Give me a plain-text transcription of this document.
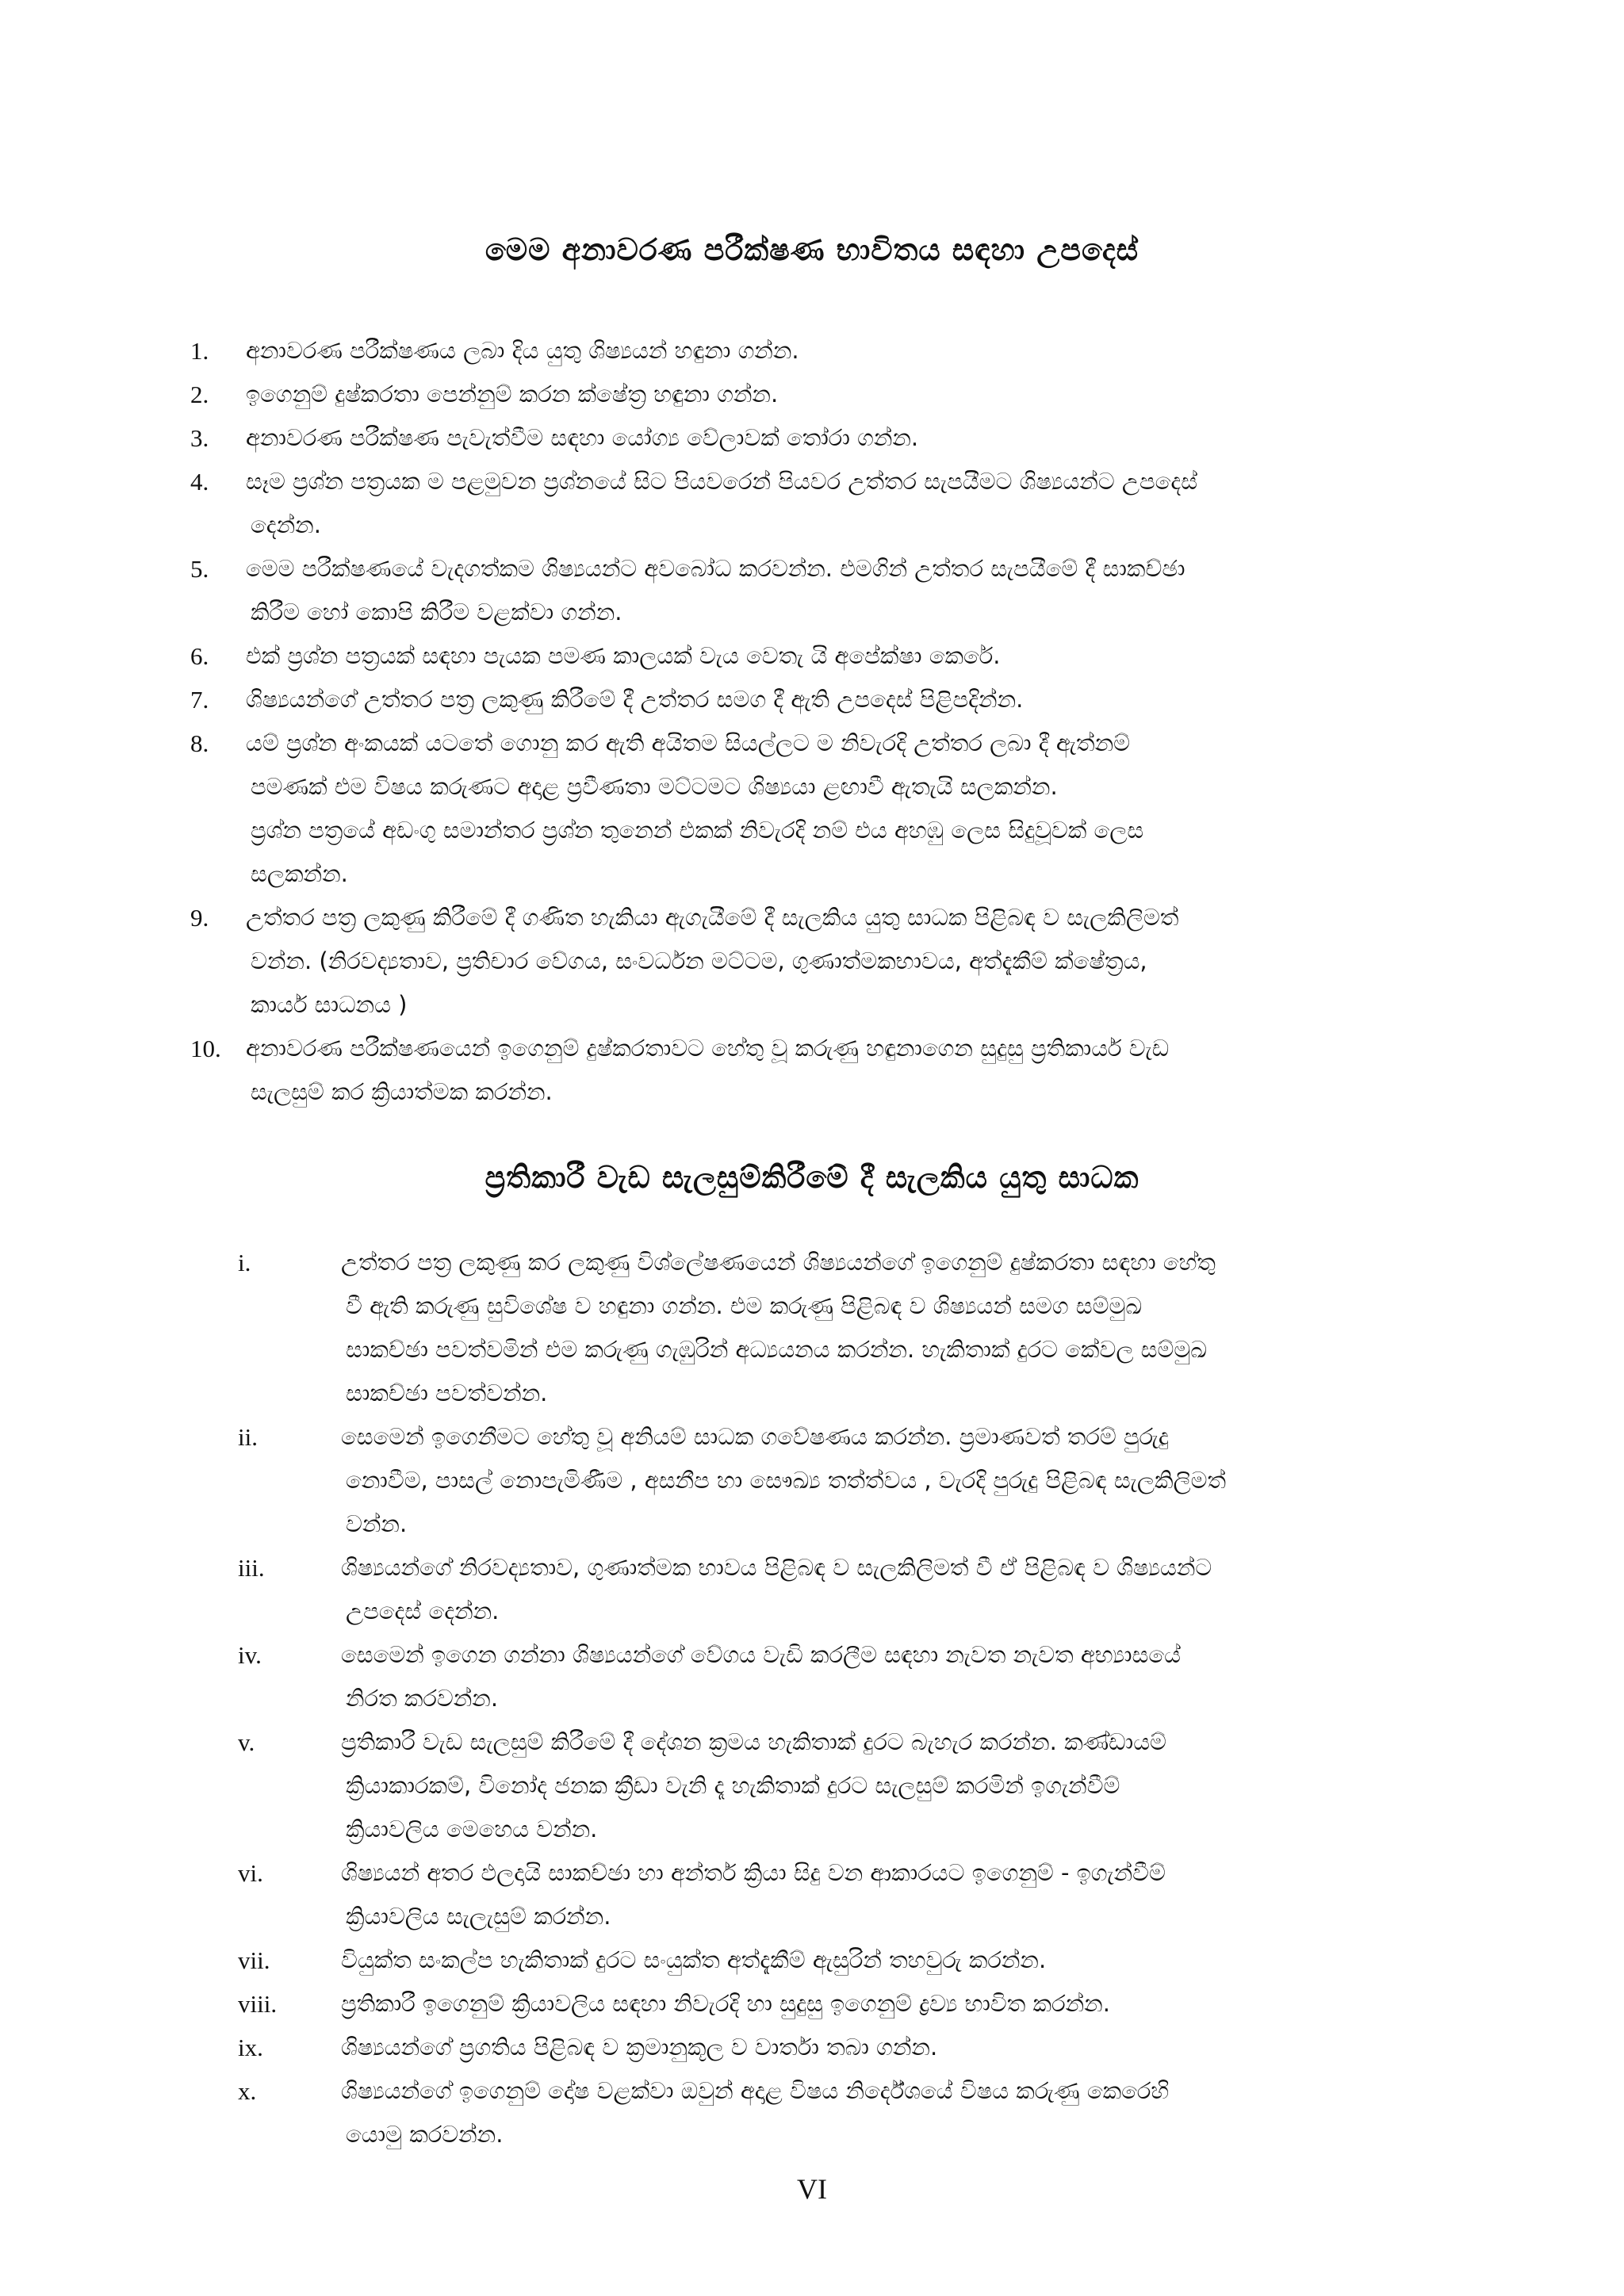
මෙම අනාවරණ පරීක්ෂණ භාවිතය සඳහා උපදෙස්
1. අනාවරණ පරීක්ෂණය ලබා දිය යුතු ශිෂ්‍යයන් හඳුනා ගන්න.
2. ඉගෙනුම් දුෂ්කරතා පෙන්නුම් කරන ක්ෂේත්‍ර හඳුනා ගන්න.
3. අනාවරණ පරීක්ෂණ පැවැත්වීම සඳහා යෝග්‍ය වේලාවක් තෝරා ගන්න.
4. සෑම ප්‍රශ්න පත්‍රයක ම පළමුවන ප්‍රශ්නයේ සිට පියවරෙන් පියවර උත්තර සැපයීමට ශිෂ්‍යයන්ට උපදෙස්
දෙන්න.
5. මෙම පරීක්ෂණයේ වැදගත්කම ශිෂ්‍යයන්ට අවබෝධ කරවන්න. එමගින් උත්තර සැපයීමේ දී සාකච්ඡා
කිරීම හෝ කොපි කිරීම වළක්වා ගන්න.
6. එක් ප්‍රශ්න පත්‍රයක් සඳහා පැයක පමණ කාලයක් වැය වෙතැ යි අපේක්ෂා කෙරේ.
7. ශිෂ්‍යයන්ගේ උත්තර පත්‍ර ලකුණු කිරීමේ දී උත්තර සමග දී ඇති උපදෙස් පිළිපදින්න.
8. යම් ප්‍රශ්න අංකයක් යටතේ ගොනු කර ඇති අයිතම සියල්ලට ම නිවැරදි උත්තර ලබා දී ඇත්නම්
පමණක් එම විෂය කරුණට අදාළ ප්‍රවීණතා මට්ටමට ශිෂ්‍යයා ළඟාවී ඇතැයි සලකන්න.
ප්‍රශ්න පත්‍රයේ අඩංගු සමාන්තර ප්‍රශ්න තුනෙන් එකක් නිවැරදි නම් එය අහඹු ලෙස සිදුවූවක් ලෙස
සලකන්න.
9. උත්තර පත්‍ර ලකුණු කිරීමේ දී ගණිත හැකියා ඇගැයීමේ දී සැලකිය යුතු සාධක පිළිබඳ ව සැලකිලිමත්
වන්න. (නිරවද්‍යතාව, ප්‍රතිචාර වේගය, සංවර්ධන මට්ටම, ගුණාත්මකභාවය, අත්දැකීම් ක්ෂේත්‍රය,
කාර්ය සාධනය )
10. අනාවරණ පරීක්ෂණයෙන් ඉගෙනුම් දුෂ්කරතාවට හේතු වූ කරුණු හඳුනාගෙන සුදුසු ප්‍රතිකාර්ය වැඩ
සැලසුම් කර ක්‍රියාත්මක කරන්න.
ප්‍රතිකාරී වැඩ සැලසුම්කිරීමේ දී සැලකිය යුතු සාධක
i.	උත්තර පත්‍ර ලකුණු කර ලකුණු විශ්ලේෂණයෙන් ශිෂ්‍යයන්ගේ ඉගෙනුම් දුෂ්කරතා සඳහා හේතු
වී ඇති කරුණු සුවිශේෂ ව හඳුනා ගන්න. එම කරුණු පිළිබඳ ව ශිෂ්‍යයන් සමග සම්මුඛ
සාකච්ඡා පවත්වමින් එම කරුණු ගැඹුරින් අධ්‍යයනය කරන්න. හැකිතාක් දුරට කේවල සම්මුඛ
සාකච්ඡා පවත්වන්න.
ii.	සෙමෙන් ඉගෙනීමට හේතු වූ අනියම් සාධක ගවේෂණය කරන්න. ප්‍රමාණවත් තරම් පුරුදු
නොවීම, පාසල් නොපැමිණීම , අසනීප හා සෞඛ්‍ය තත්ත්වය , වැරදි පුරුදු පිළිබඳ සැලකිලිමත්
වන්න.
iii.	ශිෂ්‍යයන්ගේ නිරවද්‍යතාව, ගුණාත්මක භාවය පිළිබඳ ව සැලකිලිමත් වී ඒ පිළිබඳ ව ශිෂ්‍යයන්ට
උපදෙස් දෙන්න.
iv.	සෙමෙන් ඉගෙන ගන්නා ශිෂ්‍යයන්ගේ වේගය වැඩි කරලීම සඳහා නැවත නැවත අභ්‍යාසයේ
නිරත කරවන්න.
v.	ප්‍රතිකාරී වැඩ සැලසුම් කිරීමේ දී දේශන ක්‍රමය හැකිතාක් දුරට බැහැර කරන්න. කණ්ඩායම්
ක්‍රියාකාරකම්, විනෝද ජනක ක්‍රීඩා වැනි දෑ හැකිතාක් දුරට සැලසුම් කරමින් ඉගැන්වීම්
ක්‍රියාවලිය මෙහෙය වන්න.
vi.	ශිෂ්‍යයන් අතර ඵලදායි සාකච්ඡා හා අන්තර් ක්‍රියා සිදු වන ආකාරයට ඉගෙනුම් - ඉගැන්වීම්
ක්‍රියාවලිය සැලැසුම් කරන්න.
vii.	වියුක්ත සංකල්ප හැකිතාක් දුරට සංයුක්ත අත්දැකීම් ඇසුරින් තහවුරු කරන්න.
viii.	ප්‍රතිකාරී ඉගෙනුම් ක්‍රියාවලිය සඳහා නිවැරදි හා සුදුසු ඉගෙනුම් ද්‍රව්‍ය භාවිත කරන්න.
ix.	ශිෂ්‍යයන්ගේ ප්‍රගතිය පිළිබඳ ව ක්‍රමානුකූල ව වාර්තා තබා ගන්න.
x.	ශිෂ්‍යයන්ගේ ඉගෙනුම් දෝෂ වළක්වා ඔවුන් අදාළ විෂය නිර්දේශයේ විෂය කරුණු කෙරෙහි
යොමු කරවන්න.
VI
